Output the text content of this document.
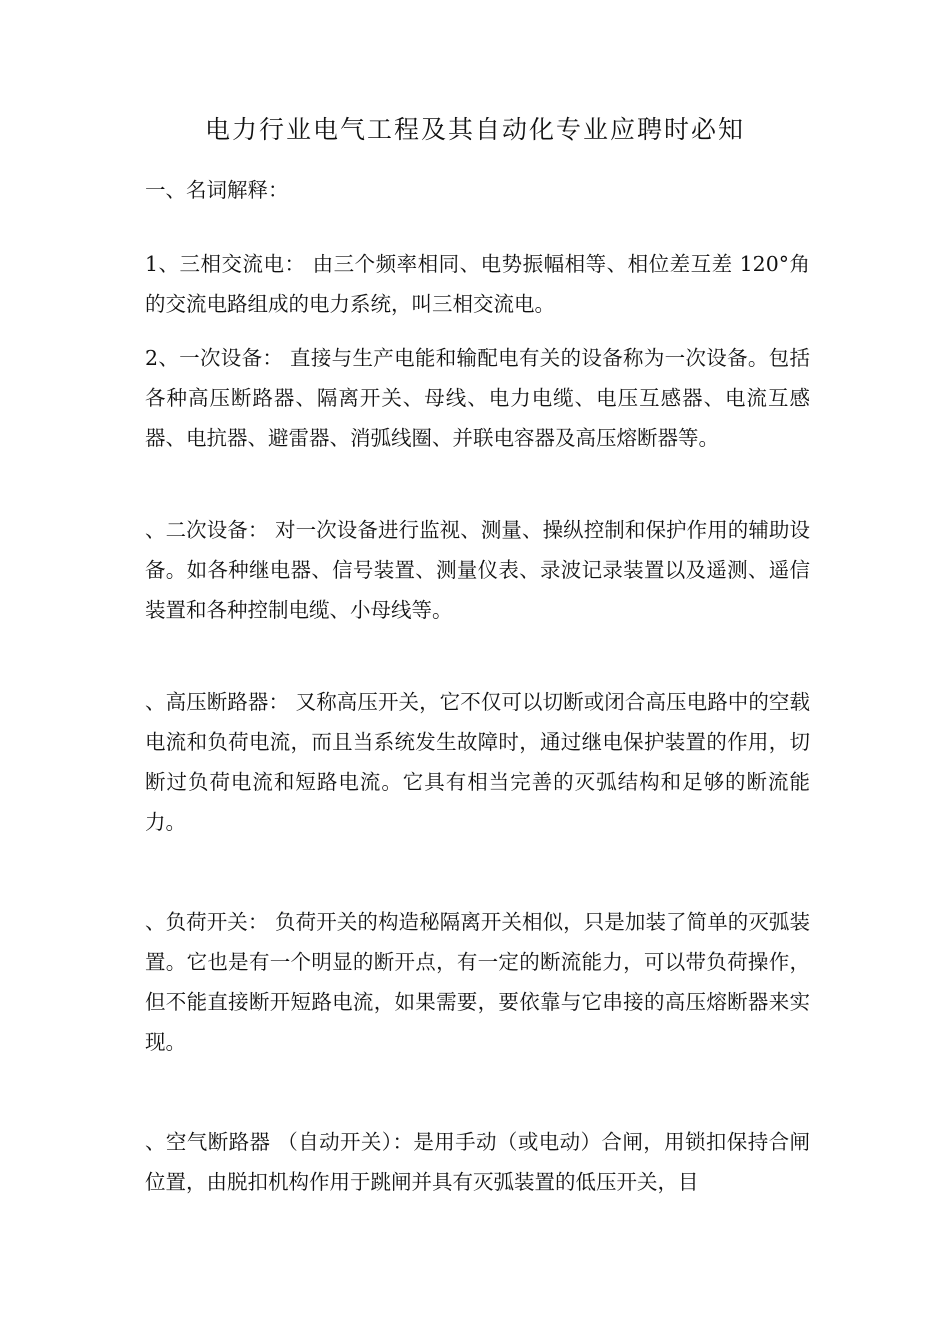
电力行业电气工程及其自动化专业应聘时必知
一、名词解释：

1、三相交流电： 由三个频率相同、电势振幅相等、相位差互差 120°角的交流电路组成的电力系统，叫三相交流电。

2、一次设备： 直接与生产电能和输配电有关的设备称为一次设备。包括各种高压断路器、隔离开关、母线、电力电缆、电压互感器、电流互感器、电抗器、避雷器、消弧线圈、并联电容器及高压熔断器等。

、二次设备： 对一次设备进行监视、测量、操纵控制和保护作用的辅助设备。如各种继电器、信号装置、测量仪表、录波记录装置以及遥测、遥信装置和各种控制电缆、小母线等。

、高压断路器： 又称高压开关，它不仅可以切断或闭合高压电路中的空载电流和负荷电流，而且当系统发生故障时，通过继电保护装置的作用，切断过负荷电流和短路电流。它具有相当完善的灭弧结构和足够的断流能力。

、负荷开关： 负荷开关的构造秘隔离开关相似，只是加装了简单的灭弧装置。它也是有一个明显的断开点，有一定的断流能力，可以带负荷操作，但不能直接断开短路电流，如果需要，要依靠与它串接的高压熔断器来实现。

、空气断路器 （自动开关）：是用手动（或电动）合闸，用锁扣保持合闸位置，由脱扣机构作用于跳闸并具有灭弧装置的低压开关，目
